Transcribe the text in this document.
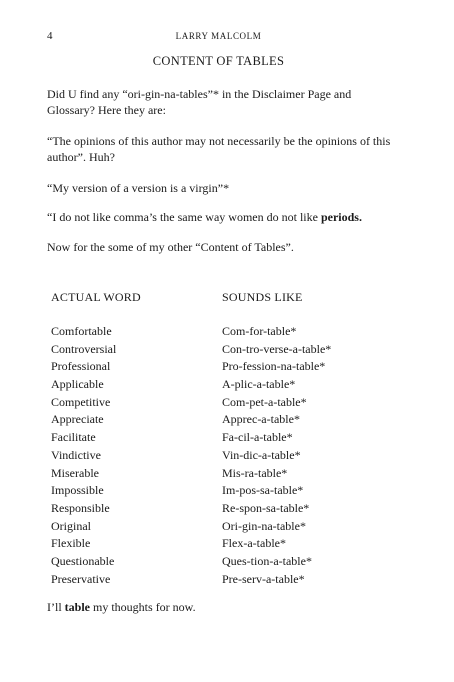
4	LARRY MALCOLM
CONTENT OF TABLES

Did U find any “ori-gin-na-tables”* in the Disclaimer Page and Glossary? Here they are:

“The opinions of this author may not necessarily be the opinions of this author”. Huh?

“My version of a version is a virgin”*

“I do not like comma’s the same way women do not like periods.

Now for the some of my other “Content of Tables”.

ACTUAL WORD	SOUNDS LIKE
Comfortable	Com-for-table*
Controversial	Con-tro-verse-a-table*
Professional	Pro-fession-na-table*
Applicable	A-plic-a-table*
Competitive	Com-pet-a-table*
Appreciate	Apprec-a-table*
Facilitate	Fa-cil-a-table*
Vindictive	Vin-dic-a-table*
Miserable	Mis-ra-table*
Impossible	Im-pos-sa-table*
Responsible	Re-spon-sa-table*
Original	Ori-gin-na-table*
Flexible	Flex-a-table*
Questionable	Ques-tion-a-table*
Preservative	Pre-serv-a-table*

I’ll table my thoughts for now.
